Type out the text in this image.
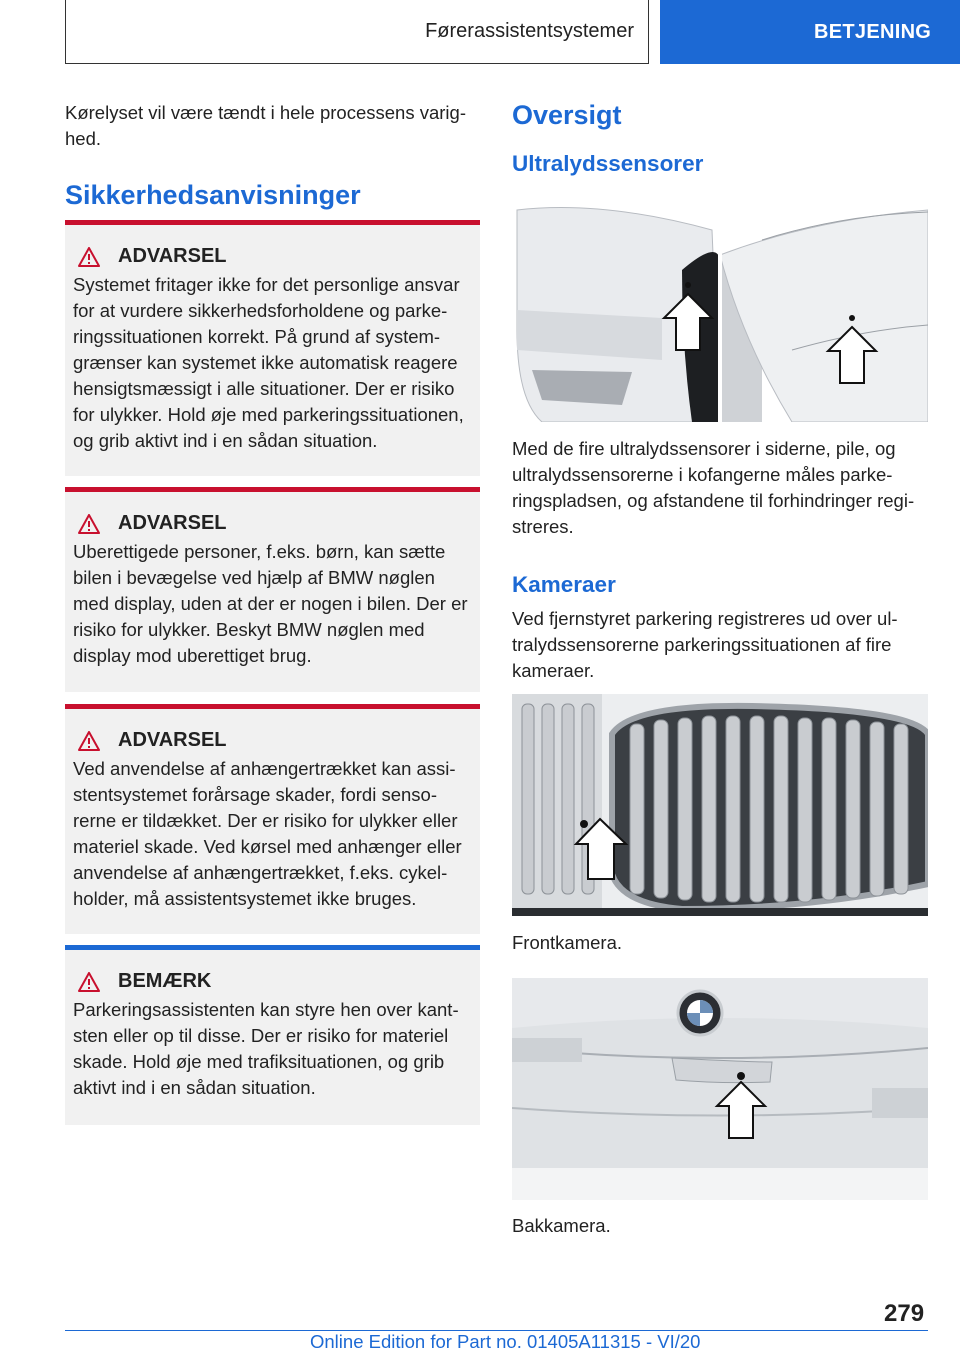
Førerassistentsystemer	BETJENING

Kørelyset vil være tændt i hele processens varig- hed.

Sikkerhedsanvisninger
ADVARSEL

Systemet fritager ikke for det personlige ansvar for at vurdere sikkerhedsforholdene og parke- ringssituationen korrekt. På grund af system- grænser kan systemet ikke automatisk reagere hensigtsmæssigt i alle situationer. Der er risiko for ulykker. Hold øje med parkeringssituationen, og grib aktivt ind i en sådan situation.

ADVARSEL

Uberettigede personer, f.eks. børn, kan sætte bilen i bevægelse ved hjælp af BMW nøglen med display, uden at der er nogen i bilen. Der er risiko for ulykker. Beskyt BMW nøglen med display mod uberettiget brug.

ADVARSEL

Ved anvendelse af anhængertrækket kan assi- stentsystemet forårsage skader, fordi senso- rerne er tildækket. Der er risiko for ulykker eller materiel skade. Ved kørsel med anhænger eller anvendelse af anhængertrækket, f.eks. cykel- holder, må assistentsystemet ikke bruges.

BEMÆRK

Parkeringsassistenten kan styre hen over kant- sten eller op til disse. Der er risiko for materiel skade. Hold øje med trafiksituationen, og grib aktivt ind i en sådan situation.

Oversigt
Ultralydssensorer

Med de fire ultralydssensorer i siderne, pile, og ultralydssensorerne i kofangerne måles parke- ringspladsen, og afstandene til forhindringer regi- streres.

Kameraer

Ved fjernstyret parkering registreres ud over ul- tralydssensorerne parkeringssituationen af fire kameraer.

Frontkamera.

Bakkamera.

279
Online Edition for Part no. 01405A11315 - VI/20
